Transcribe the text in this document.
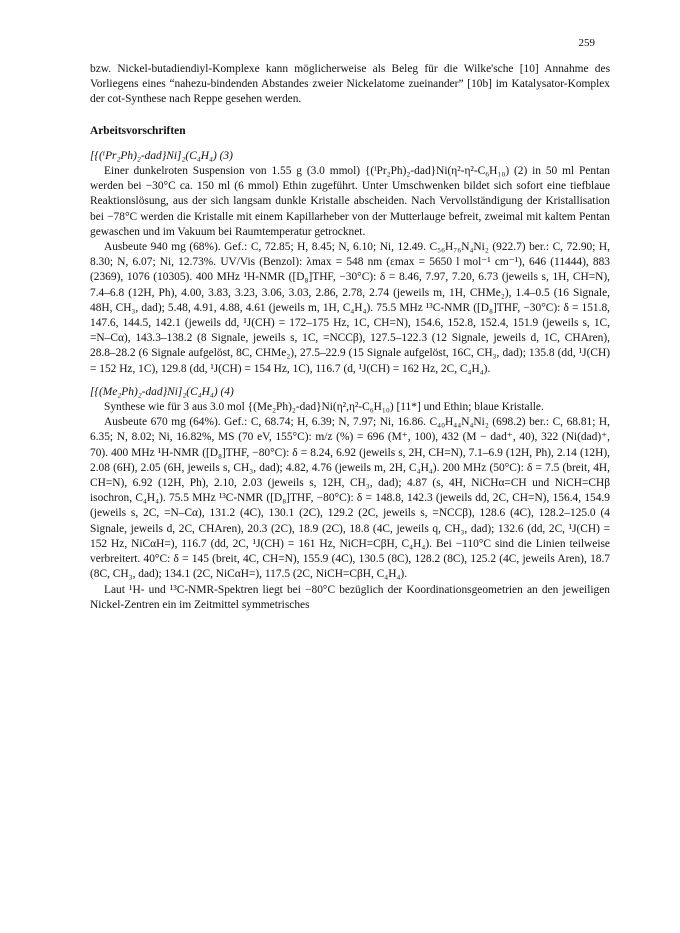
259

bzw. Nickel-butadiendiyl-Komplexe kann möglicherweise als Beleg für die Wilke'sche [10] Annahme des Vorliegens eines “nahezu-bindenden Abstandes zweier Nickelatome zueinander” [10b] im Katalysator-Komplex der cot-Synthese nach Reppe gesehen werden.

Arbeitsvorschriften

[{(ⁱPr₂Ph)₂-dad}Ni]₂(C₄H₄) (3)

Einer dunkelroten Suspension von 1.55 g (3.0 mmol) {(ⁱPr₂Ph)₂-dad}Ni(η²-η²-C₆H₁₀) (2) in 50 ml Pentan werden bei −30°C ca. 150 ml (6 mmol) Ethin zugeführt. Unter Umschwenken bildet sich sofort eine tiefblaue Reaktionslösung, aus der sich langsam dunkle Kristalle abscheiden. Nach Vervollständigung der Kristallisation bei −78°C werden die Kristalle mit einem Kapillarheber von der Mutterlauge befreit, zweimal mit kaltem Pentan gewaschen und im Vakuum bei Raumtemperatur getrocknet.

Ausbeute 940 mg (68%). Gef.: C, 72.85; H, 8.45; N, 6.10; Ni, 12.49. C₅₆H₇₆N₄Ni₂ (922.7) ber.: C, 72.90; H, 8.30; N, 6.07; Ni, 12.73%. UV/Vis (Benzol): λmax = 548 nm (εmax = 5650 l mol⁻¹ cm⁻¹), 646 (11444), 883 (2369), 1076 (10305). 400 MHz ¹H-NMR ([D₈]THF, −30°C): δ = 8.46, 7.97, 7.20, 6.73 (jeweils s, 1H, CH=N), 7.4–6.8 (12H, Ph), 4.00, 3.83, 3.23, 3.06, 3.03, 2.86, 2.78, 2.74 (jeweils m, 1H, CHMe₂), 1.4–0.5 (16 Signale, 48H, CH₃, dad); 5.48, 4.91, 4.88, 4.61 (jeweils m, 1H, C₄H₄). 75.5 MHz ¹³C-NMR ([D₈]THF, −30°C): δ = 151.8, 147.6, 144.5, 142.1 (jeweils dd, ¹J(CH) = 172–175 Hz, 1C, CH=N), 154.6, 152.8, 152.4, 151.9 (jeweils s, 1C, =N–Cα), 143.3–138.2 (8 Signale, jeweils s, 1C, =NCCβ), 127.5–122.3 (12 Signale, jeweils d, 1C, CHAren), 28.8–28.2 (6 Signale aufgelöst, 8C, CHMe₂), 27.5–22.9 (15 Signale aufgelöst, 16C, CH₃, dad); 135.8 (dd, ¹J(CH) = 152 Hz, 1C), 129.8 (dd, ¹J(CH) = 154 Hz, 1C), 116.7 (d, ¹J(CH) = 162 Hz, 2C, C₄H₄).

[{(Me₂Ph)₂-dad}Ni]₂(C₄H₄) (4)

Synthese wie für 3 aus 3.0 mol {(Me₂Ph)₂-dad}Ni(η²,η²-C₆H₁₀) [11*] und Ethin; blaue Kristalle.

Ausbeute 670 mg (64%). Gef.: C, 68.74; H, 6.39; N, 7.97; Ni, 16.86. C₄₀H₄₄N₄Ni₂ (698.2) ber.: C, 68.81; H, 6.35; N, 8.02; Ni, 16.82%, MS (70 eV, 155°C): m/z (%) = 696 (M⁺, 100), 432 (M − dad⁺, 40), 322 (Ni(dad)⁺, 70). 400 MHz ¹H-NMR ([D₈]THF, −80°C): δ = 8.24, 6.92 (jeweils s, 2H, CH=N), 7.1–6.9 (12H, Ph), 2.14 (12H), 2.08 (6H), 2.05 (6H, jeweils s, CH₃, dad); 4.82, 4.76 (jeweils m, 2H, C₄H₄). 200 MHz (50°C): δ = 7.5 (breit, 4H, CH=N), 6.92 (12H, Ph), 2.10, 2.03 (jeweils s, 12H, CH₃, dad); 4.87 (s, 4H, NiCHα=CH und NiCH=CHβ isochron, C₄H₄). 75.5 MHz ¹³C-NMR ([D₈]THF, −80°C): δ = 148.8, 142.3 (jeweils dd, 2C, CH=N), 156.4, 154.9 (jeweils s, 2C, =N–Cα), 131.2 (4C), 130.1 (2C), 129.2 (2C, jeweils s, =NCCβ), 128.6 (4C), 128.2–125.0 (4 Signale, jeweils d, 2C, CHAren), 20.3 (2C), 18.9 (2C), 18.8 (4C, jeweils q, CH₃, dad); 132.6 (dd, 2C, ¹J(CH) = 152 Hz, NiCαH=), 116.7 (dd, 2C, ¹J(CH) = 161 Hz, NiCH=CβH, C₄H₄). Bei −110°C sind die Linien teilweise verbreitert. 40°C: δ = 145 (breit, 4C, CH=N), 155.9 (4C), 130.5 (8C), 128.2 (8C), 125.2 (4C, jeweils Aren), 18.7 (8C, CH₃, dad); 134.1 (2C, NiCαH=), 117.5 (2C, NiCH=CβH, C₄H₄).

Laut ¹H- und ¹³C-NMR-Spektren liegt bei −80°C bezüglich der Koordinationsgeometrien an den jeweiligen Nickel-Zentren ein im Zeitmittel symmetrisches
